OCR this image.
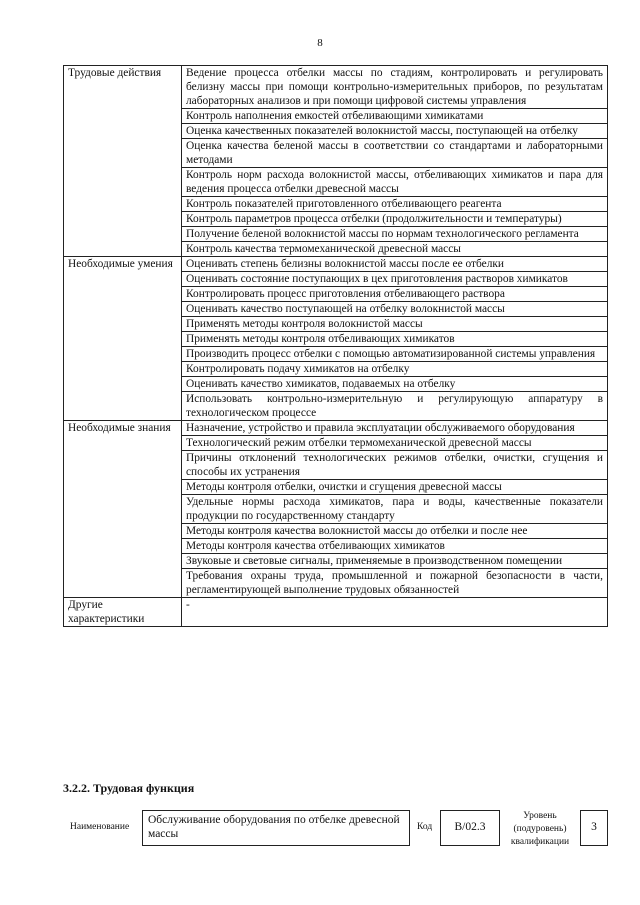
8
Трудовые действия	Ведение процесса отбелки массы по стадиям, контролировать и регулировать белизну массы при помощи контрольно-измерительных приборов, по результатам лабораторных анализов и при помощи цифровой системы управления
	Контроль наполнения емкостей отбеливающими химикатами
	Оценка качественных показателей волокнистой массы, поступающей на отбелку
	Оценка качества беленой массы в соответствии со стандартами и лабораторными методами
	Контроль норм расхода волокнистой массы, отбеливающих химикатов и пара для ведения процесса отбелки древесной массы
	Контроль показателей приготовленного отбеливающего реагента
	Контроль параметров процесса отбелки (продолжительности и температуры)
	Получение беленой волокнистой массы по нормам технологического регламента
	Контроль качества термомеханической древесной массы
Необходимые умения	Оценивать степень белизны волокнистой массы после ее отбелки
	Оценивать состояние поступающих в цех приготовления растворов химикатов
	Контролировать процесс приготовления отбеливающего раствора
	Оценивать качество поступающей на отбелку волокнистой массы
	Применять методы контроля волокнистой массы
	Применять методы контроля отбеливающих химикатов
	Производить процесс отбелки с помощью автоматизированной системы управления
	Контролировать подачу химикатов на отбелку
	Оценивать качество химикатов, подаваемых на отбелку
	Использовать контрольно-измерительную и регулирующую аппаратуру в технологическом процессе
Необходимые знания	Назначение, устройство и правила эксплуатации обслуживаемого оборудования
	Технологический режим отбелки термомеханической древесной массы
	Причины отклонений технологических режимов отбелки, очистки, сгущения и способы их устранения
	Методы контроля отбелки, очистки и сгущения древесной массы
	Удельные нормы расхода химикатов, пара и воды, качественные показатели продукции по государственному стандарту
	Методы контроля качества волокнистой массы до отбелки и после нее
	Методы контроля качества отбеливающих химикатов
	Звуковые и световые сигналы, применяемые в производственном помещении
	Требования охраны труда, промышленной и пожарной безопасности в части, регламентирующей выполнение трудовых обязанностей
Другие характеристики	-
3.2.2. Трудовая функция
Наименование
Обслуживание оборудования по отбелке древесной массы
Код	В/02.3
Уровень (подуровень) квалификации
3
